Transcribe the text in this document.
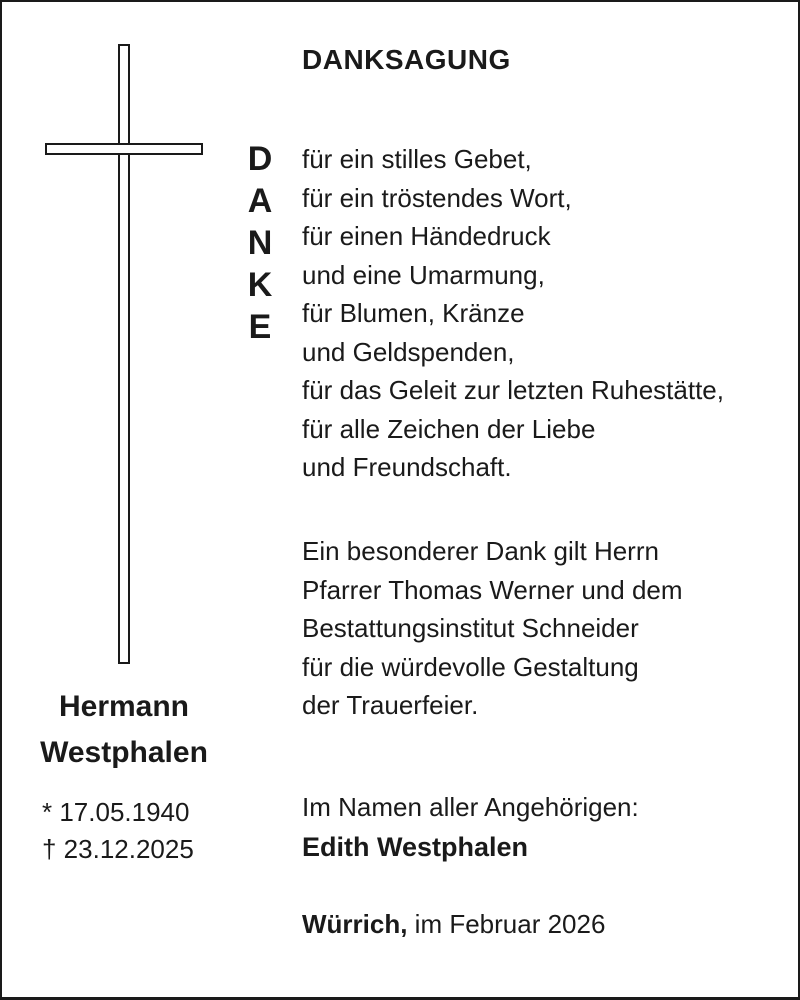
DANKSAGUNG
D
A
N
K
E
für ein stilles Gebet,
für ein tröstendes Wort,
für einen Händedruck
und eine Umarmung,
für Blumen, Kränze
und Geldspenden,
für das Geleit zur letzten Ruhestätte,
für alle Zeichen der Liebe
und Freundschaft.
Ein besonderer Dank gilt Herrn
Pfarrer Thomas Werner und dem
Bestattungsinstitut Schneider
für die würdevolle Gestaltung
der Trauerfeier.
Hermann
Westphalen
* 17.05.1940
† 23.12.2025
Im Namen aller Angehörigen:
Edith Westphalen
Würrich, im Februar 2026
